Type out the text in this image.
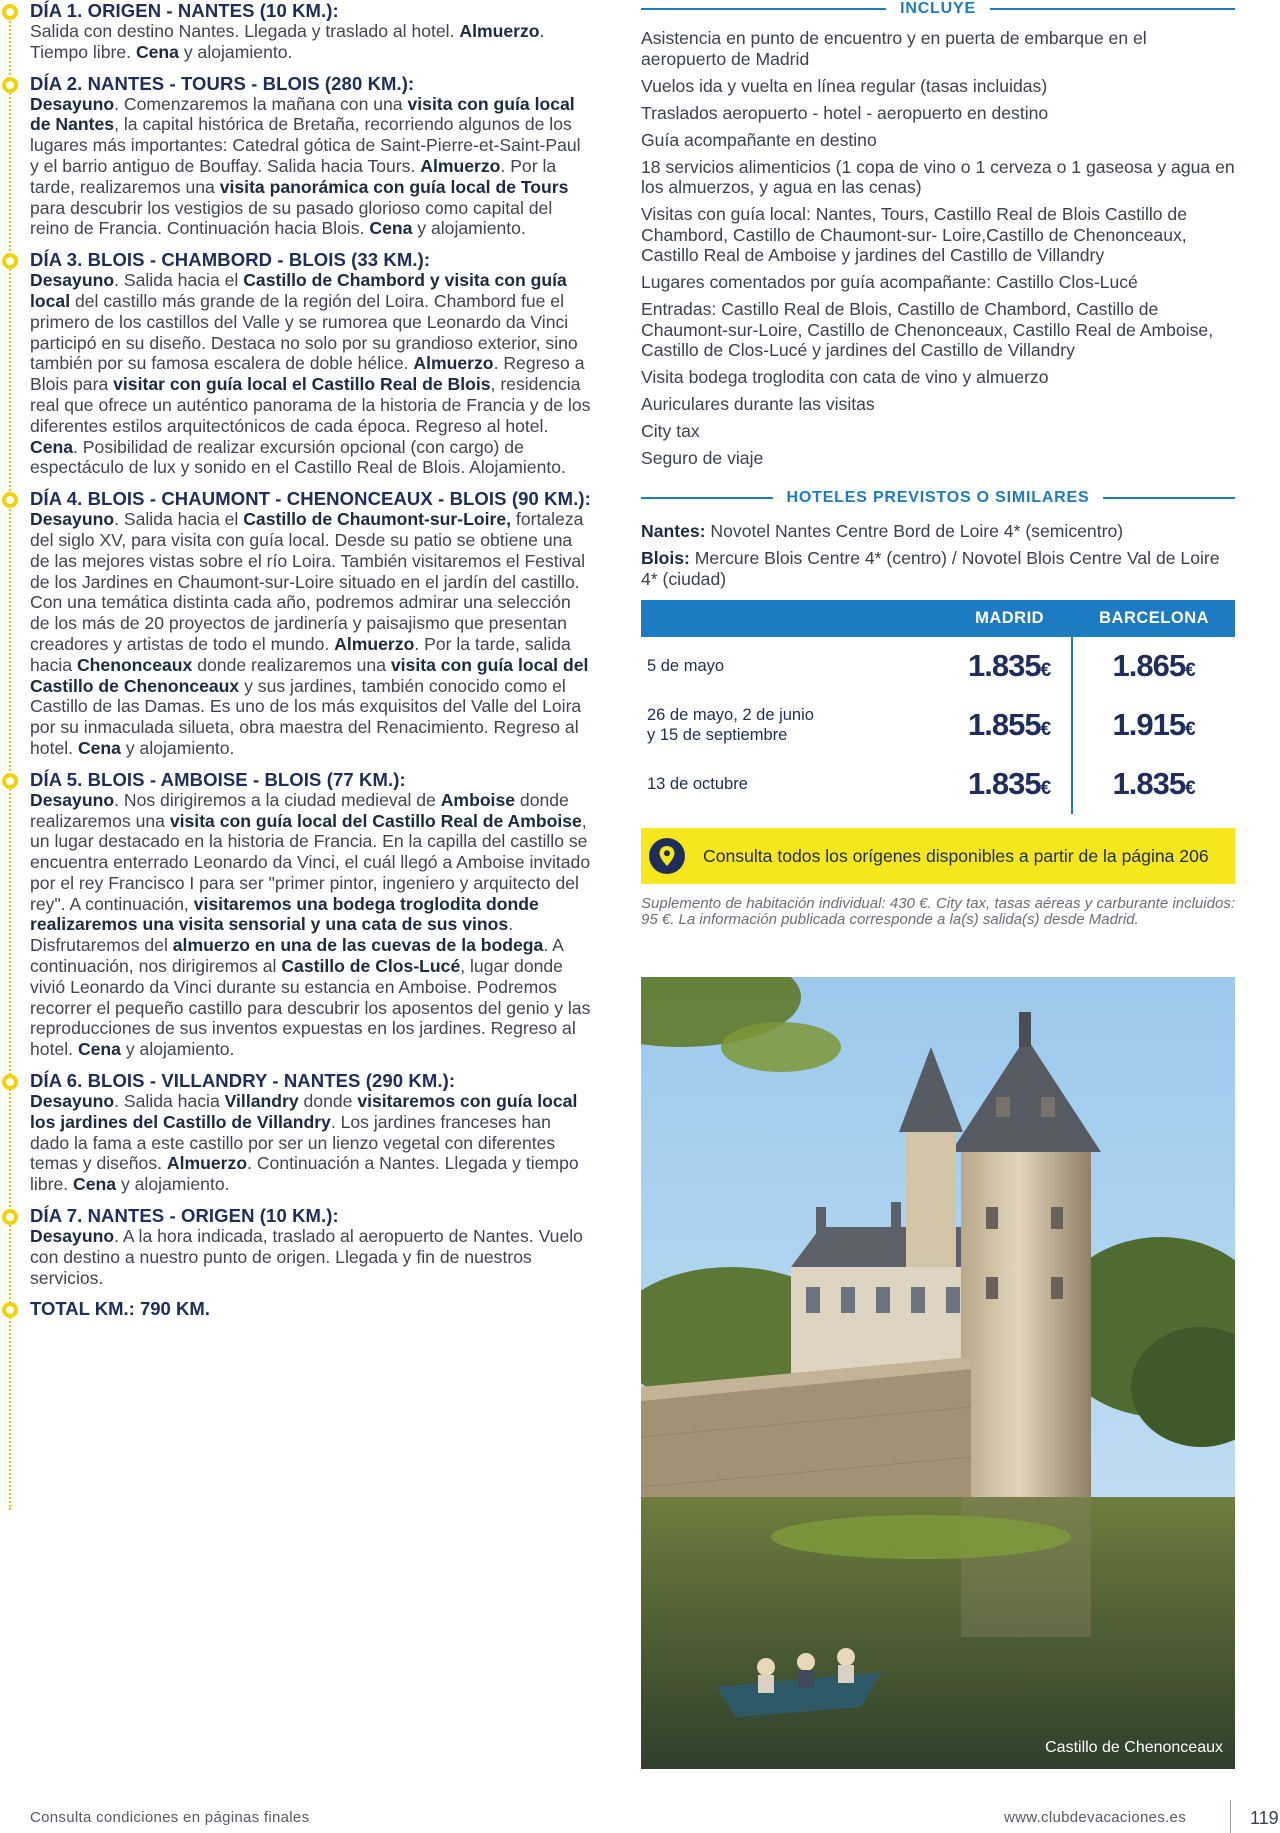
DÍA 1. ORIGEN - NANTES (10 KM.):
Salida con destino Nantes. Llegada y traslado al hotel. Almuerzo. Tiempo libre. Cena y alojamiento.
DÍA 2. NANTES - TOURS - BLOIS (280 KM.):
Desayuno. Comenzaremos la mañana con una visita con guía local de Nantes, la capital histórica de Bretaña, recorriendo algunos de los lugares más importantes: Catedral gótica de Saint-Pierre-et-Saint-Paul y el barrio antiguo de Bouffay. Salida hacia Tours. Almuerzo. Por la tarde, realizaremos una visita panorámica con guía local de Tours para descubrir los vestigios de su pasado glorioso como capital del reino de Francia. Continuación hacia Blois. Cena y alojamiento.
DÍA 3. BLOIS - CHAMBORD - BLOIS (33 KM.):
Desayuno. Salida hacia el Castillo de Chambord y visita con guía local del castillo más grande de la región del Loira. Chambord fue el primero de los castillos del Valle y se rumorea que Leonardo da Vinci participó en su diseño. Destaca no solo por su grandioso exterior, sino también por su famosa escalera de doble hélice. Almuerzo. Regreso a Blois para visitar con guía local el Castillo Real de Blois, residencia real que ofrece un auténtico panorama de la historia de Francia y de los diferentes estilos arquitectónicos de cada época. Regreso al hotel. Cena. Posibilidad de realizar excursión opcional (con cargo) de espectáculo de lux y sonido en el Castillo Real de Blois. Alojamiento.
DÍA 4. BLOIS - CHAUMONT - CHENONCEAUX - BLOIS (90 KM.):
Desayuno. Salida hacia el Castillo de Chaumont-sur-Loire, fortaleza del siglo XV, para visita con guía local. Desde su patio se obtiene una de las mejores vistas sobre el río Loira. También visitaremos el Festival de los Jardines en Chaumont-sur-Loire situado en el jardín del castillo. Con una temática distinta cada año, podremos admirar una selección de los más de 20 proyectos de jardinería y paisajismo que presentan creadores y artistas de todo el mundo. Almuerzo. Por la tarde, salida hacia Chenonceaux donde realizaremos una visita con guía local del Castillo de Chenonceaux y sus jardines, también conocido como el Castillo de las Damas. Es uno de los más exquisitos del Valle del Loira por su inmaculada silueta, obra maestra del Renacimiento. Regreso al hotel. Cena y alojamiento.
DÍA 5. BLOIS - AMBOISE - BLOIS (77 KM.):
Desayuno. Nos dirigiremos a la ciudad medieval de Amboise donde realizaremos una visita con guía local del Castillo Real de Amboise, un lugar destacado en la historia de Francia. En la capilla del castillo se encuentra enterrado Leonardo da Vinci, el cuál llegó a Amboise invitado por el rey Francisco I para ser "primer pintor, ingeniero y arquitecto del rey". A continuación, visitaremos una bodega troglodita donde realizaremos una visita sensorial y una cata de sus vinos. Disfrutaremos del almuerzo en una de las cuevas de la bodega. A continuación, nos dirigiremos al Castillo de Clos-Lucé, lugar donde vivió Leonardo da Vinci durante su estancia en Amboise. Podremos recorrer el pequeño castillo para descubrir los aposentos del genio y las reproducciones de sus inventos expuestas en los jardines. Regreso al hotel. Cena y alojamiento.
DÍA 6. BLOIS - VILLANDRY - NANTES (290 KM.):
Desayuno. Salida hacia Villandry donde visitaremos con guía local los jardines del Castillo de Villandry. Los jardines franceses han dado la fama a este castillo por ser un lienzo vegetal con diferentes temas y diseños. Almuerzo. Continuación a Nantes. Llegada y tiempo libre. Cena y alojamiento.
DÍA 7. NANTES - ORIGEN (10 KM.):
Desayuno. A la hora indicada, traslado al aeropuerto de Nantes. Vuelo con destino a nuestro punto de origen. Llegada y fin de nuestros servicios.
TOTAL KM.: 790 KM.
INCLUYE
Asistencia en punto de encuentro y en puerta de embarque en el aeropuerto de Madrid
Vuelos ida y vuelta en línea regular (tasas incluidas)
Traslados aeropuerto - hotel - aeropuerto en destino
Guía acompañante en destino
18 servicios alimenticios (1 copa de vino o 1 cerveza o 1 gaseosa y agua en los almuerzos, y agua en las cenas)
Visitas con guía local: Nantes, Tours, Castillo Real de Blois Castillo de Chambord, Castillo de Chaumont-sur- Loire,Castillo de Chenonceaux, Castillo Real de Amboise y jardines del Castillo de Villandry
Lugares comentados por guía acompañante: Castillo Clos-Lucé
Entradas: Castillo Real de Blois, Castillo de Chambord, Castillo de Chaumont-sur-Loire, Castillo de Chenonceaux, Castillo Real de Amboise, Castillo de Clos-Lucé y jardines del Castillo de Villandry
Visita bodega troglodita con cata de vino y almuerzo
Auriculares durante las visitas
City tax
Seguro de viaje
HOTELES PREVISTOS O SIMILARES
Nantes: Novotel Nantes Centre Bord de Loire 4* (semicentro)
Blois: Mercure Blois Centre 4* (centro) / Novotel Blois Centre Val de Loire 4* (ciudad)
	MADRID	BARCELONA

5 de mayo	1.835€	1.865€

26 de mayo, 2 de junio
y 15 de septiembre	1.855€	1.915€

13 de octubre	1.835€	1.835€
Consulta todos los orígenes disponibles a partir de la página 206
Suplemento de habitación individual: 430 €. City tax, tasas aéreas y carburante incluidos: 95 €. La información publicada corresponde a la(s) salida(s) desde Madrid.
Castillo de Chenonceaux
Consulta condiciones en páginas finales	www.clubdevacaciones.es	119
